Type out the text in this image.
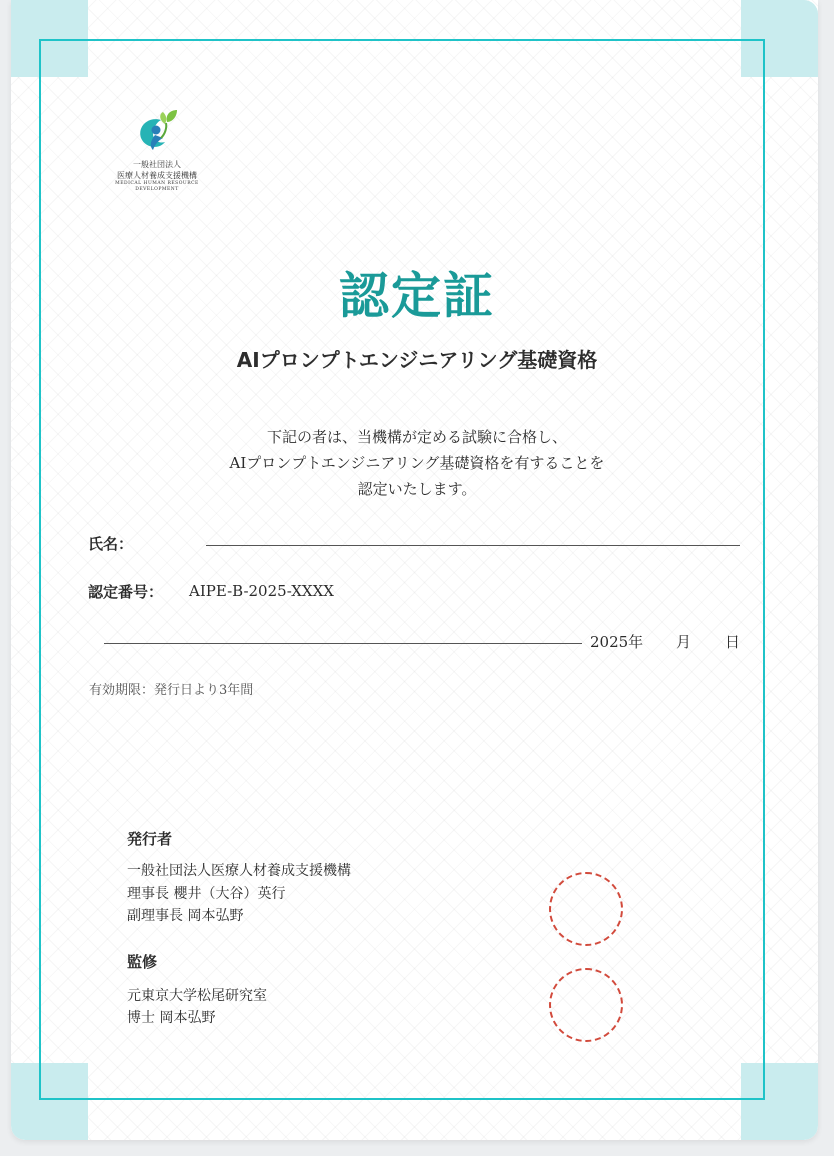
一般社団法人
医療人材養成支援機構
MEDICAL HUMAN RESOURCE DEVELOPMENT
認定証
AIプロンプトエンジニアリング基礎資格
下記の者は、当機構が定める試験に合格し、
AIプロンプトエンジニアリング基礎資格を有することを
認定いたします。
氏名：
認定番号： AIPE-B-2025-XXXX
2025年 月 日
有効期限：発行日より3年間
発行者
一般社団法人医療人材養成支援機構
理事長 櫻井（大谷）英行
副理事長 岡本弘野
監修
元東京大学松尾研究室
博士 岡本弘野
